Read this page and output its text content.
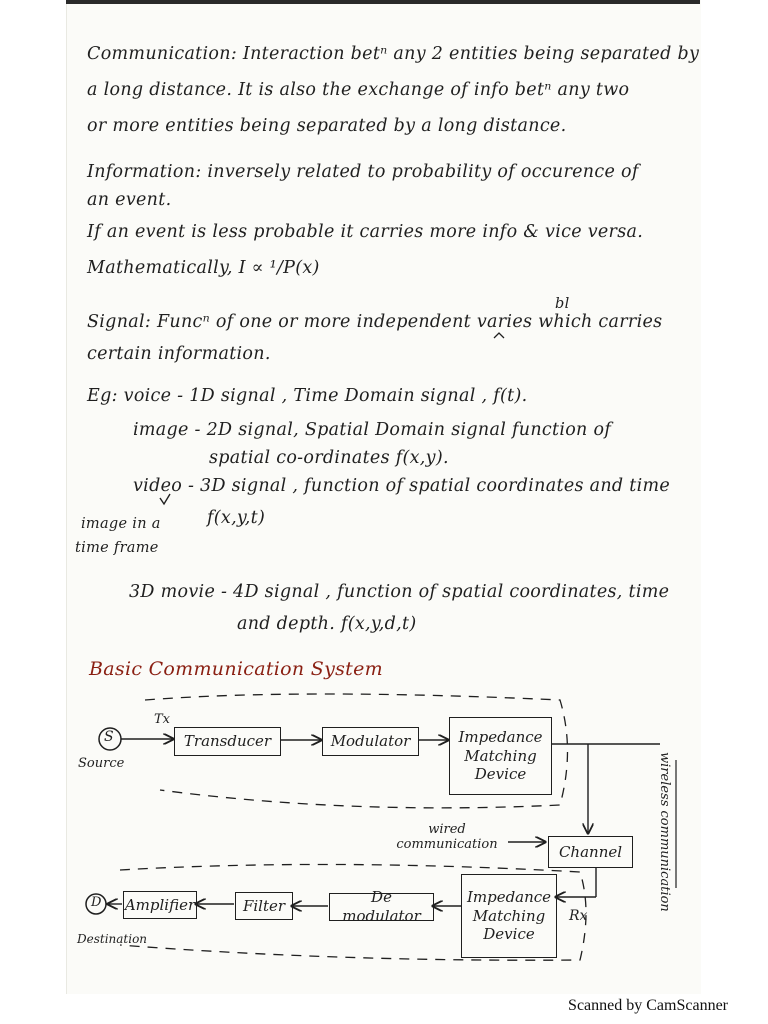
Communication: Interaction betⁿ any 2 entities being separated by
a long distance. It is also the exchange of info betⁿ any two
or more entities being separated by a long distance.
Information: inversely related to probability of occurence of
an event.
If an event is less probable it carries more info & vice versa.
Mathematically, I ∝ ¹/P(x)
bl
Signal: Funcⁿ of one or more independent varies which carries
certain information.
Eg: voice - 1D signal , Time Domain signal , f(t).
image - 2D signal, Spatial Domain signal function of
spatial co-ordinates f(x,y).
video - 3D signal , function of spatial coordinates and time
f(x,y,t)
image in a
time frame
3D movie - 4D signal , function of spatial coordinates, time
and depth. f(x,y,d,t)
Basic Communication System
S
Source
Tx
Transducer	Modulator	Impedance Matching Device	wireless communication
wired communication	Channel
Rx
Impedance Matching Device
De modulator
Filter
Amplifier
D
Destination
Scanned by CamScanner
